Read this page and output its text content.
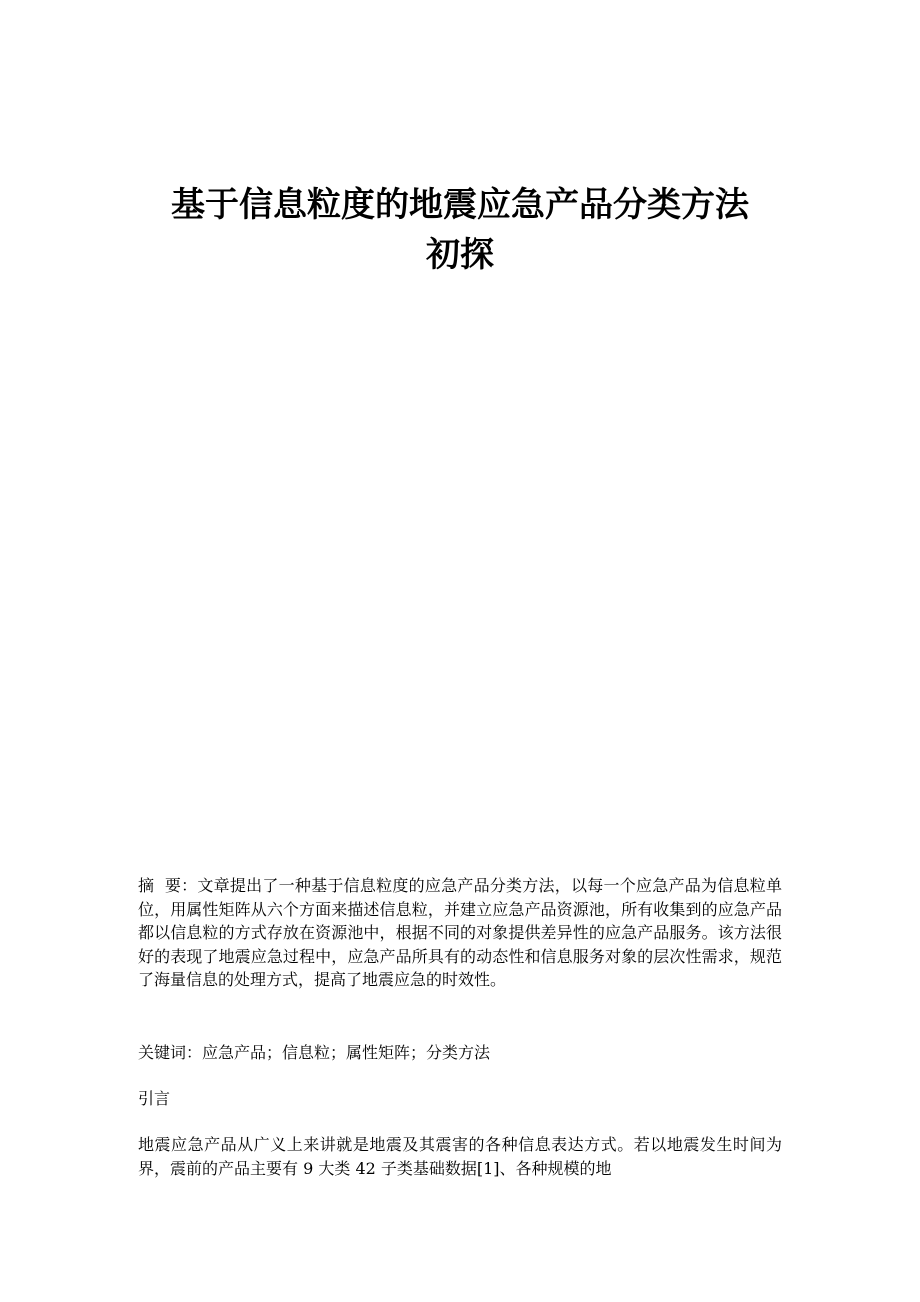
基于信息粒度的地震应急产品分类方法
初探

摘  要：文章提出了一种基于信息粒度的应急产品分类方法，以每一个应急产品为信息粒单位，用属性矩阵从六个方面来描述信息粒，并建立应急产品资源池，所有收集到的应急产品都以信息粒的方式存放在资源池中，根据不同的对象提供差异性的应急产品服务。该方法很好的表现了地震应急过程中，应急产品所具有的动态性和信息服务对象的层次性需求，规范了海量信息的处理方式，提高了地震应急的时效性。

关键词：应急产品；信息粒；属性矩阵；分类方法

引言

地震应急产品从广义上来讲就是地震及其震害的各种信息表达方式。若以地震发生时间为界，震前的产品主要有 9 大类 42 子类基础数据[1]、各种规模的地
